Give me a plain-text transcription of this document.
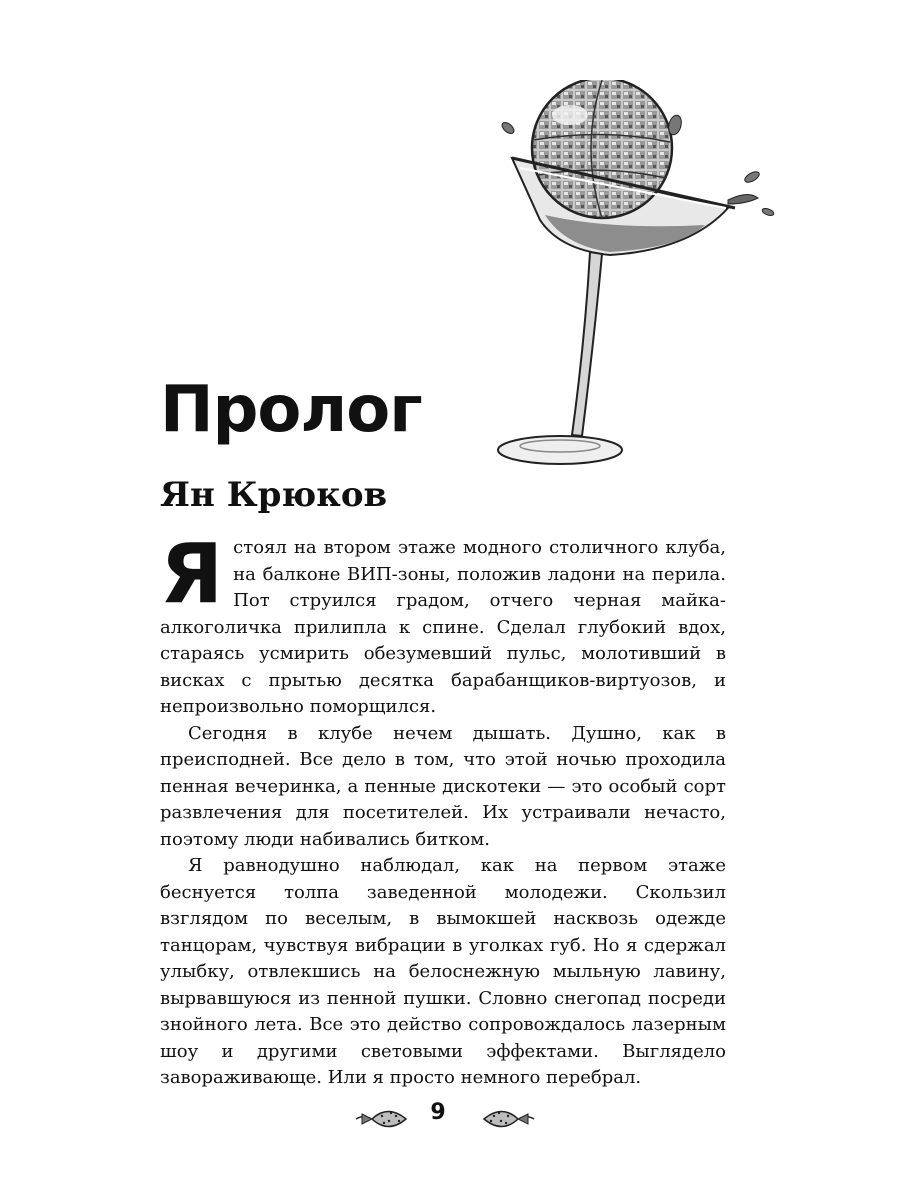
Пролог
Ян Крюков

Я стоял на втором этаже модного столичного клуба, на балконе ВИП-зоны, положив ладони на перила. Пот струился градом, отчего черная майка-алкоголичка прилипла к спине. Сделал глубокий вдох, стараясь усмирить обезумевший пульс, молотивший в висках с прытью десятка барабанщиков-виртуозов, и непроизвольно поморщился.

Сегодня в клубе нечем дышать. Душно, как в преисподней. Все дело в том, что этой ночью проходила пенная вечеринка, а пенные дискотеки — это особый сорт развлечения для посетителей. Их устраивали нечасто, поэтому люди набивались битком.

Я равнодушно наблюдал, как на первом этаже беснуется толпа заведенной молодежи. Скользил взглядом по веселым, в вымокшей насквозь одежде танцорам, чувствуя вибрации в уголках губ. Но я сдержал улыбку, отвлекшись на белоснежную мыльную лавину, вырвавшуюся из пенной пушки. Словно снегопад посреди знойного лета. Все это действо сопровождалось лазерным шоу и другими световыми эффектами. Выглядело завораживающе. Или я просто немного перебрал.

9
